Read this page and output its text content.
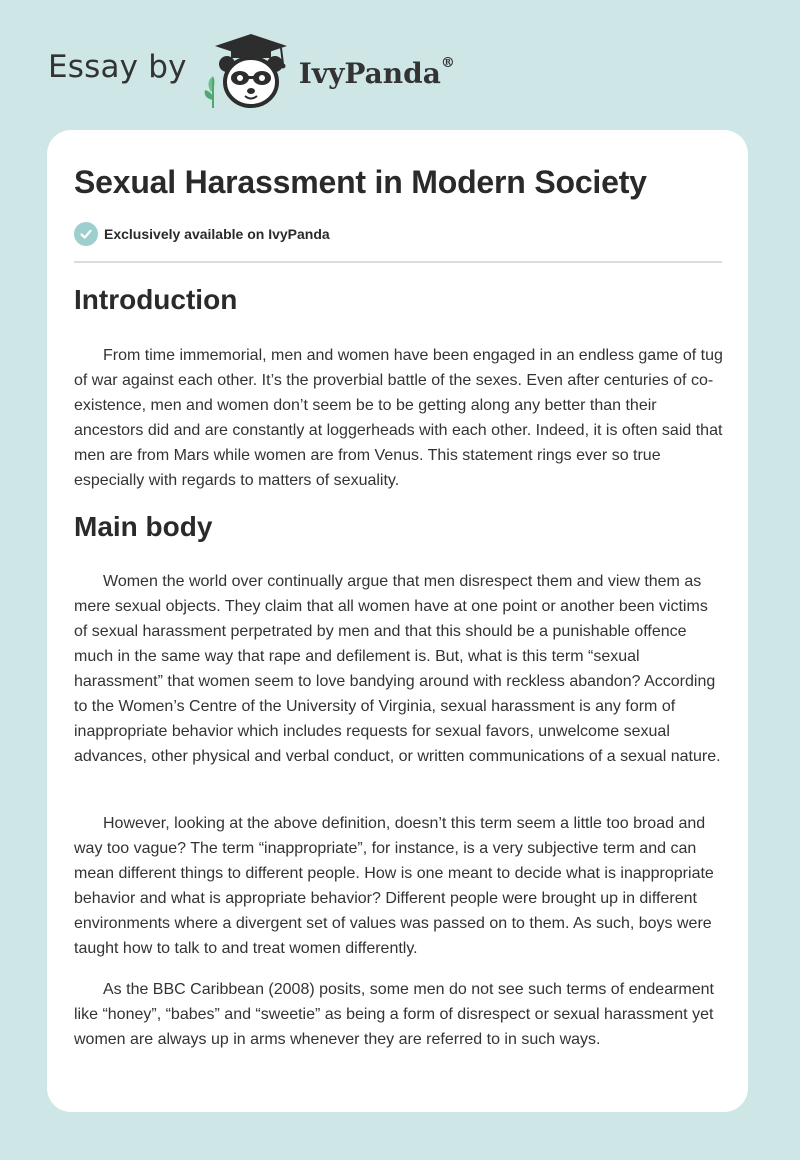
Essay by	IvyPanda®
Sexual Harassment in Modern Society
Exclusively available on IvyPanda
Introduction

From time immemorial, men and women have been engaged in an endless game of tug of war against each other. It’s the proverbial battle of the sexes. Even after centuries of co- existence, men and women don’t seem be to be getting along any better than their ancestors did and are constantly at loggerheads with each other. Indeed, it is often said that men are from Mars while women are from Venus. This statement rings ever so true especially with regards to matters of sexuality.

Main body

Women the world over continually argue that men disrespect them and view them as mere sexual objects. They claim that all women have at one point or another been victims of sexual harassment perpetrated by men and that this should be a punishable offence much in the same way that rape and defilement is. But, what is this term “sexual harassment” that women seem to love bandying around with reckless abandon? According to the Women’s Centre of the University of Virginia, sexual harassment is any form of inappropriate behavior which includes requests for sexual favors, unwelcome sexual advances, other physical and verbal conduct, or written communications of a sexual nature.

However, looking at the above definition, doesn’t this term seem a little too broad and way too vague? The term “inappropriate”, for instance, is a very subjective term and can mean different things to different people. How is one meant to decide what is inappropriate behavior and what is appropriate behavior? Different people were brought up in different environments where a divergent set of values was passed on to them. As such, boys were taught how to talk to and treat women differently.

As the BBC Caribbean (2008) posits, some men do not see such terms of endearment like “honey”, “babes” and “sweetie” as being a form of disrespect or sexual harassment yet women are always up in arms whenever they are referred to in such ways.
